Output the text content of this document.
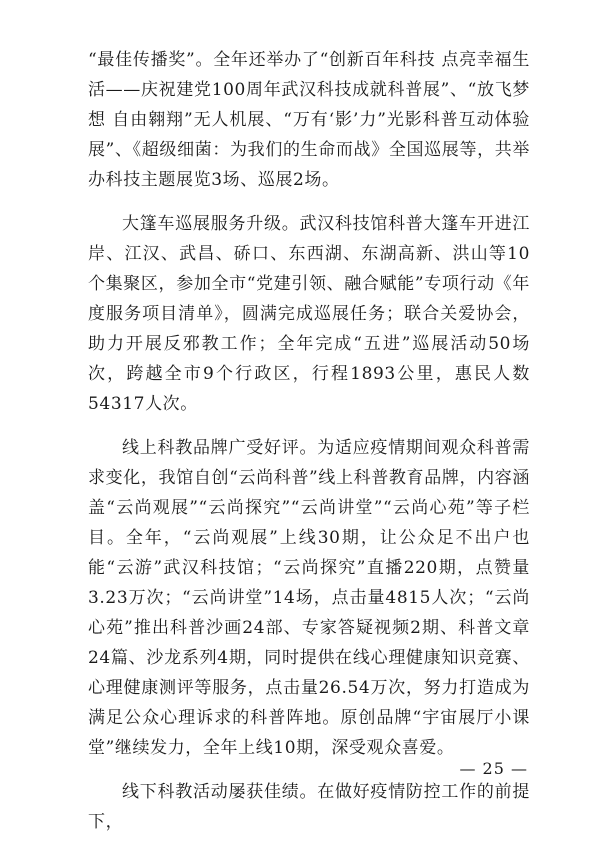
“最佳传播奖”。全年还举办了“创新百年科技 点亮幸福生活——庆祝建党100周年武汉科技成就科普展”、“放飞梦想 自由翱翔”无人机展、“万有‘影’力”光影科普互动体验展”、《超级细菌：为我们的生命而战》全国巡展等，共举办科技主题展览3场、巡展2场。

大篷车巡展服务升级。武汉科技馆科普大篷车开进江岸、江汉、武昌、硚口、东西湖、东湖高新、洪山等10个集聚区，参加全市“党建引领、融合赋能”专项行动《年度服务项目清单》，圆满完成巡展任务；联合关爱协会，助力开展反邪教工作；全年完成“五进”巡展活动50场次，跨越全市9个行政区，行程1893公里，惠民人数54317人次。

线上科教品牌广受好评。为适应疫情期间观众科普需求变化，我馆自创“云尚科普”线上科普教育品牌，内容涵盖“云尚观展”“云尚探究”“云尚讲堂”“云尚心苑”等子栏目。全年，“云尚观展”上线30期，让公众足不出户也能“云游”武汉科技馆；“云尚探究”直播220期，点赞量3.23万次；“云尚讲堂”14场，点击量4815人次；“云尚心苑”推出科普沙画24部、专家答疑视频2期、科普文章24篇、沙龙系列4期，同时提供在线心理健康知识竞赛、心理健康测评等服务，点击量26.54万次，努力打造成为满足公众心理诉求的科普阵地。原创品牌“宇宙展厅小课堂”继续发力，全年上线10期，深受观众喜爱。

线下科教活动屡获佳绩。在做好疫情防控工作的前提下，

— 25 —
